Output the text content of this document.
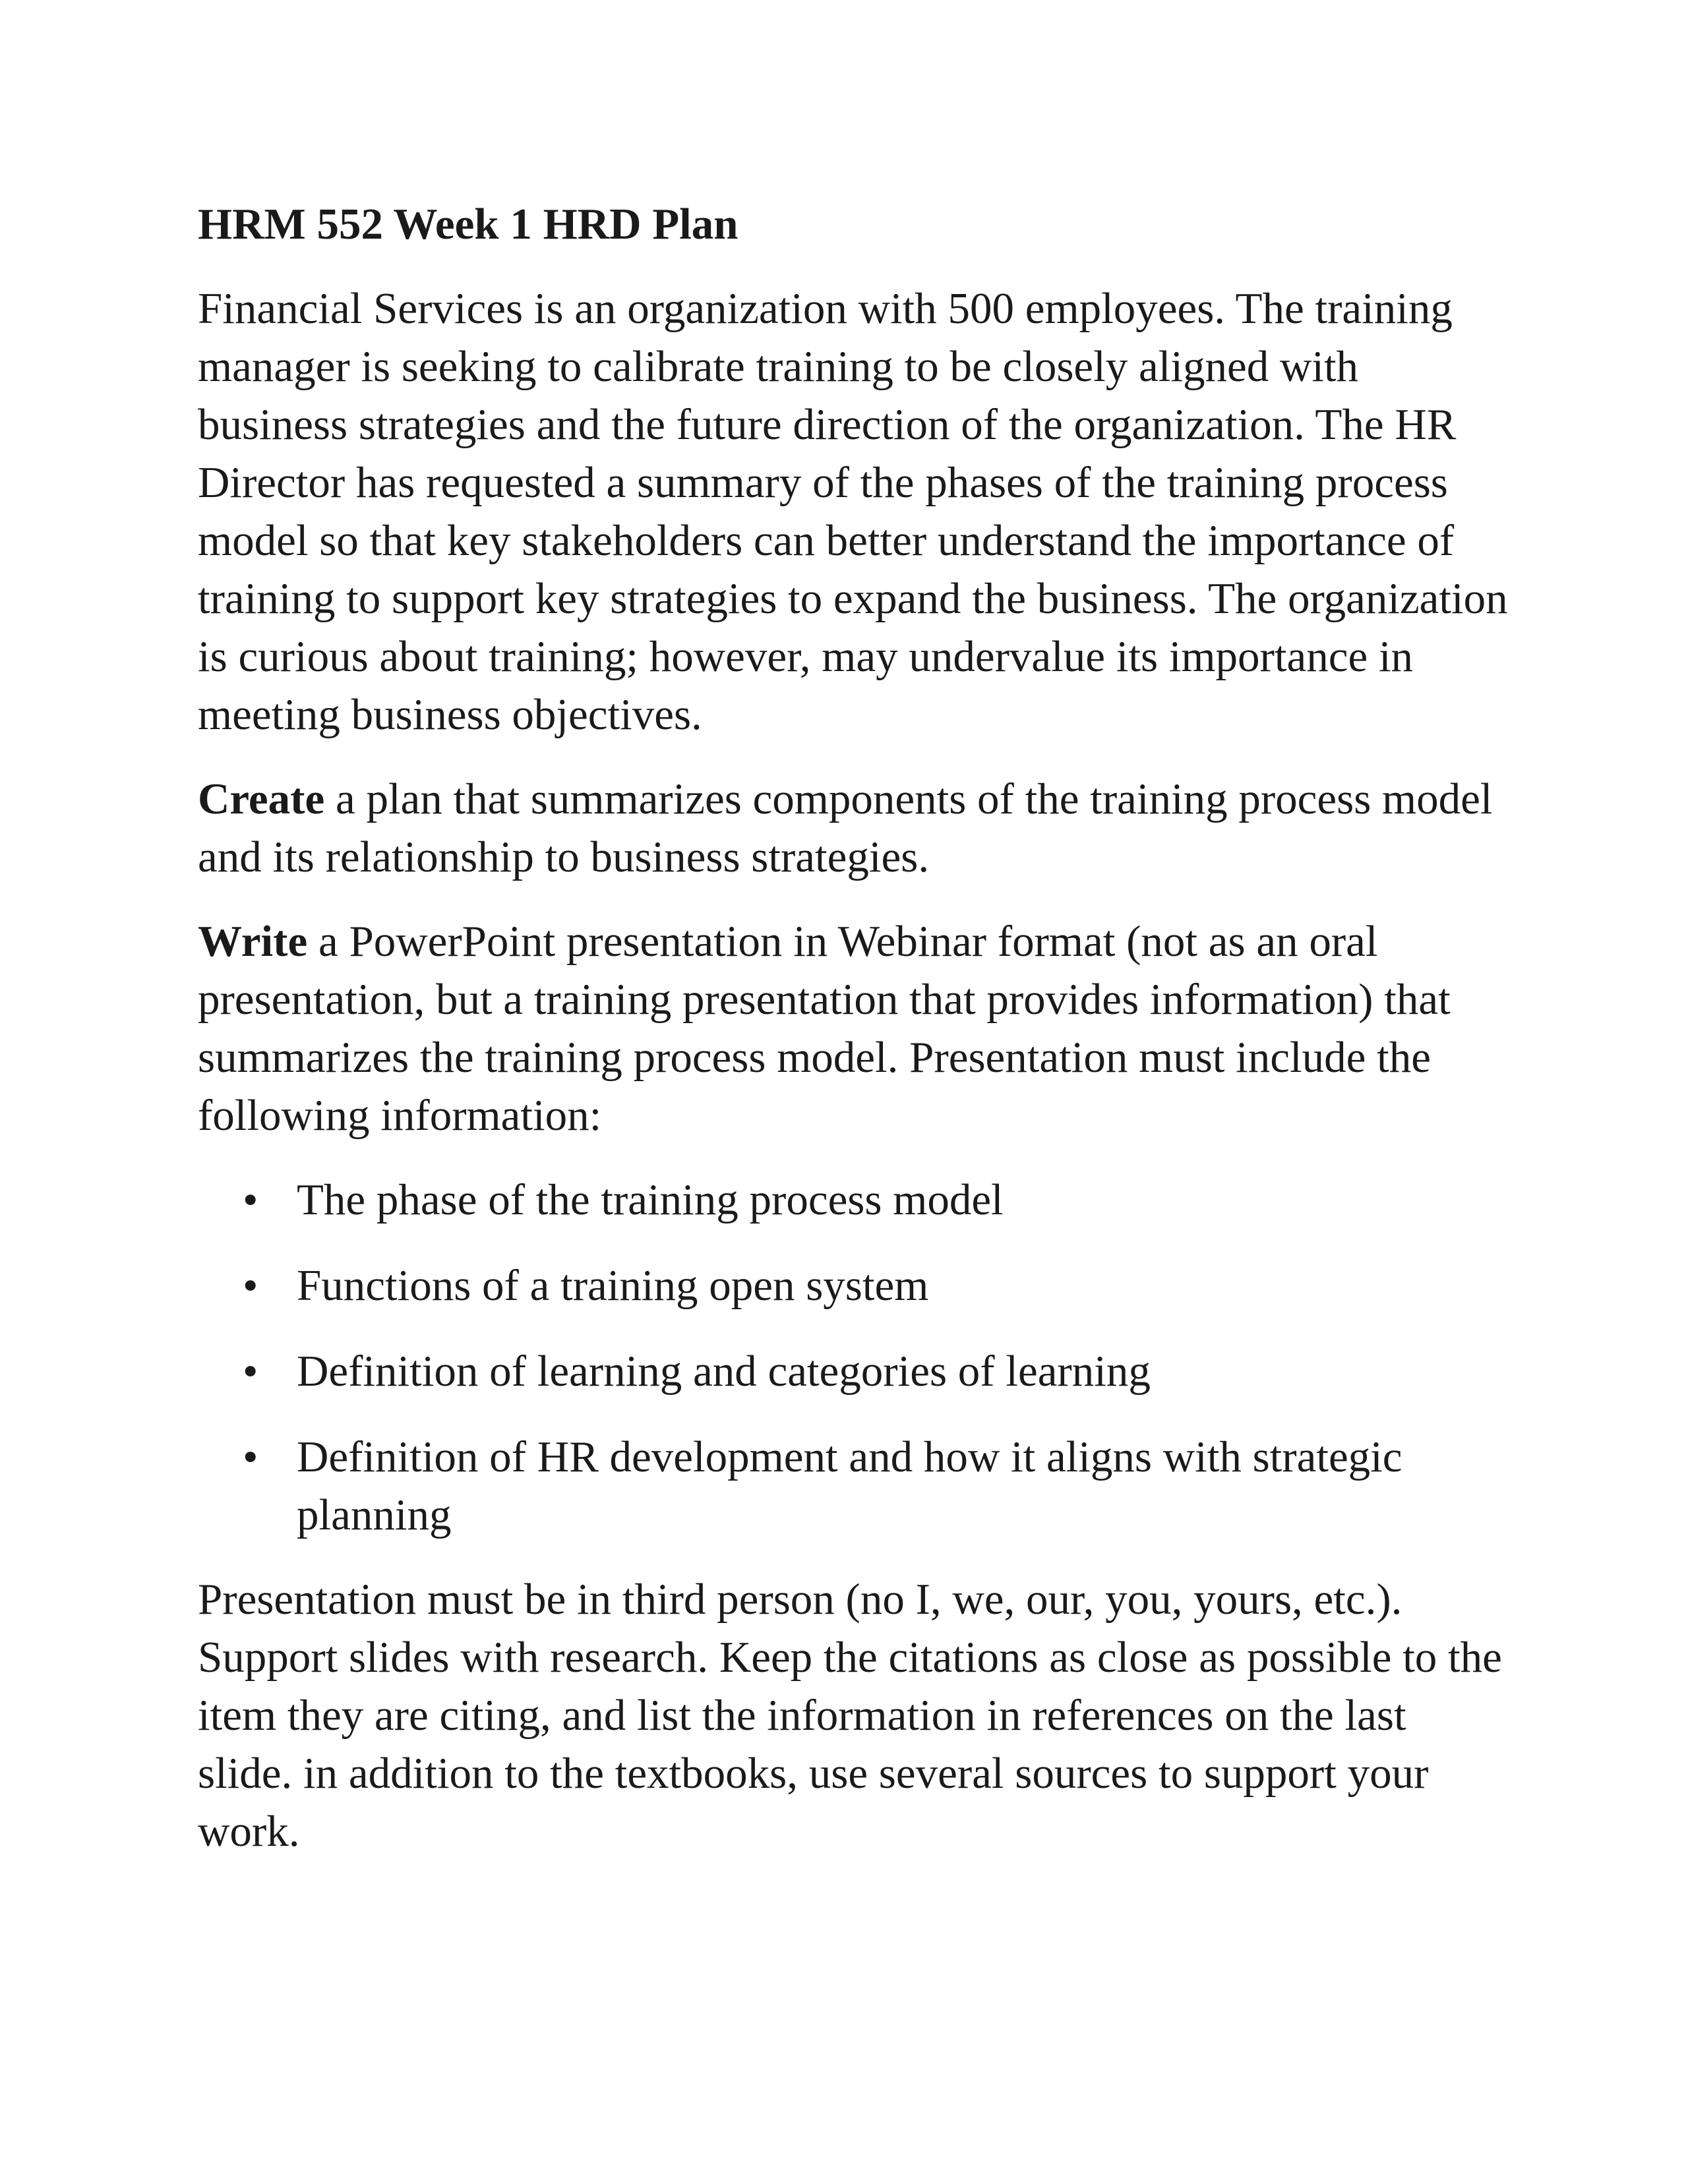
HRM 552 Week 1 HRD Plan

Financial Services is an organization with 500 employees. The training manager is seeking to calibrate training to be closely aligned with business strategies and the future direction of the organization. The HR Director has requested a summary of the phases of the training process model so that key stakeholders can better understand the importance of training to support key strategies to expand the business. The organization is curious about training; however, may undervalue its importance in meeting business objectives.

Create a plan that summarizes components of the training process model and its relationship to business strategies.

Write a PowerPoint presentation in Webinar format (not as an oral presentation, but a training presentation that provides information) that summarizes the training process model. Presentation must include the following information:

• The phase of the training process model
• Functions of a training open system
• Definition of learning and categories of learning
• Definition of HR development and how it aligns with strategic planning

Presentation must be in third person (no I, we, our, you, yours, etc.). Support slides with research. Keep the citations as close as possible to the item they are citing, and list the information in references on the last slide. in addition to the textbooks, use several sources to support your work.
